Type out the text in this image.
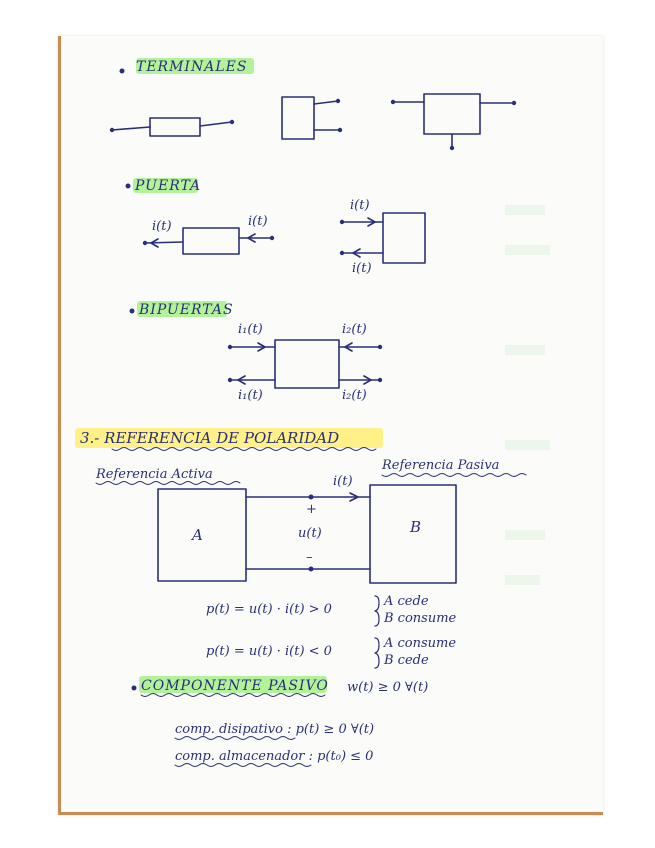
TERMINALES
PUERTA
i(t)	i(t)
i(t)
i(t)
BIPUERTAS
i₁(t)	i₂(t)
i₁(t)	i₂(t)
3.- REFERENCIA DE POLARIDAD
Referencia Activa
Referencia Pasiva
A	B
i(t)
+
u(t)
–
p(t) = u(t) · i(t) > 0
A cede
B consume
p(t) = u(t) · i(t) < 0
A consume
B cede
COMPONENTE PASIVO w(t) ≥ 0 ∀(t)
comp. disipativo : p(t) ≥ 0 ∀(t)
comp. almacenador : p(t₀) ≤ 0
